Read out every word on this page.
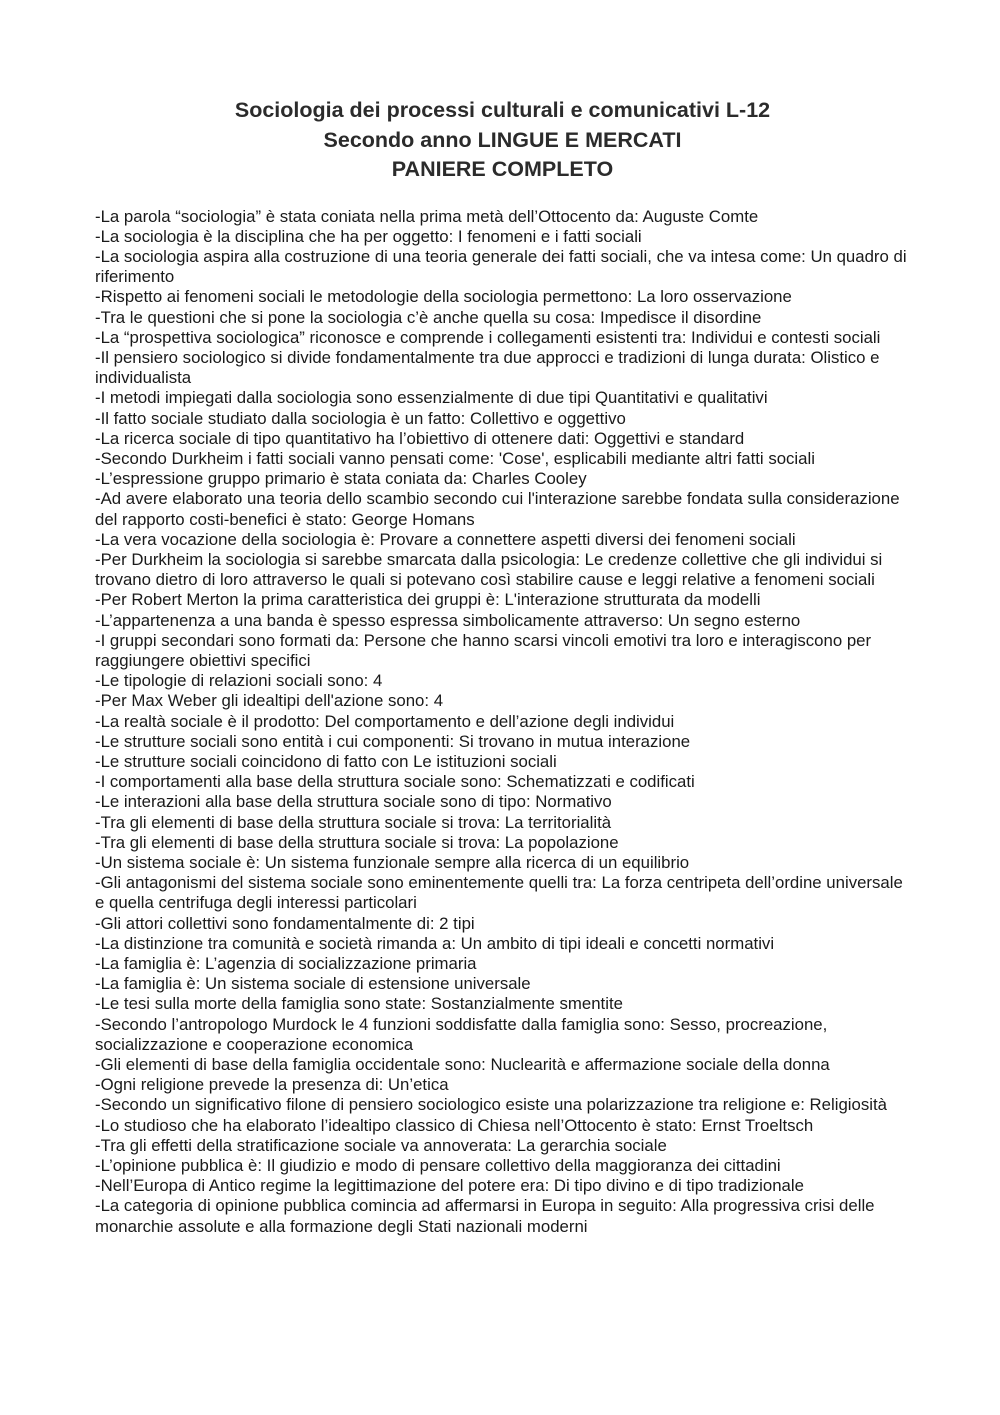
Sociologia dei processi culturali e comunicativi L-12
Secondo anno LINGUE E MERCATI
PANIERE COMPLETO
-La parola “sociologia” è stata coniata nella prima metà dell’Ottocento da: Auguste Comte
-La sociologia è la disciplina che ha per oggetto: I fenomeni e i fatti sociali
-La sociologia aspira alla costruzione di una teoria generale dei fatti sociali, che va intesa come: Un quadro di riferimento
-Rispetto ai fenomeni sociali le metodologie della sociologia permettono: La loro osservazione
-Tra le questioni che si pone la sociologia c’è anche quella su cosa: Impedisce il disordine
-La “prospettiva sociologica” riconosce e comprende i collegamenti esistenti tra: Individui e contesti sociali
-Il pensiero sociologico si divide fondamentalmente tra due approcci e tradizioni di lunga durata: Olistico e individualista
-I metodi impiegati dalla sociologia sono essenzialmente di due tipi Quantitativi e qualitativi
-Il fatto sociale studiato dalla sociologia è un fatto: Collettivo e oggettivo
-La ricerca sociale di tipo quantitativo ha l’obiettivo di ottenere dati: Oggettivi e standard
-Secondo Durkheim i fatti sociali vanno pensati come: 'Cose', esplicabili mediante altri fatti sociali
-L’espressione gruppo primario è stata coniata da: Charles Cooley
-Ad avere elaborato una teoria dello scambio secondo cui l'interazione sarebbe fondata sulla considerazione del rapporto costi-benefici è stato: George Homans
-La vera vocazione della sociologia è: Provare a connettere aspetti diversi dei fenomeni sociali
-Per Durkheim la sociologia si sarebbe smarcata dalla psicologia: Le credenze collettive che gli individui si trovano dietro di loro attraverso le quali si potevano così stabilire cause e leggi relative a fenomeni sociali
-Per Robert Merton la prima caratteristica dei gruppi è: L'interazione strutturata da modelli
-L’appartenenza a una banda è spesso espressa simbolicamente attraverso: Un segno esterno
-I gruppi secondari sono formati da: Persone che hanno scarsi vincoli emotivi tra loro e interagiscono per raggiungere obiettivi specifici
-Le tipologie di relazioni sociali sono: 4
-Per Max Weber gli idealtipi dell'azione sono: 4
-La realtà sociale è il prodotto: Del comportamento e dell’azione degli individui
-Le strutture sociali sono entità i cui componenti: Si trovano in mutua interazione
-Le strutture sociali coincidono di fatto con Le istituzioni sociali
-I comportamenti alla base della struttura sociale sono: Schematizzati e codificati
-Le interazioni alla base della struttura sociale sono di tipo: Normativo
-Tra gli elementi di base della struttura sociale si trova: La territorialità
-Tra gli elementi di base della struttura sociale si trova: La popolazione
-Un sistema sociale è: Un sistema funzionale sempre alla ricerca di un equilibrio
-Gli antagonismi del sistema sociale sono eminentemente quelli tra: La forza centripeta dell’ordine universale e quella centrifuga degli interessi particolari
-Gli attori collettivi sono fondamentalmente di: 2 tipi
-La distinzione tra comunità e società rimanda a: Un ambito di tipi ideali e concetti normativi
-La famiglia è: L’agenzia di socializzazione primaria
-La famiglia è: Un sistema sociale di estensione universale
-Le tesi sulla morte della famiglia sono state: Sostanzialmente smentite
-Secondo l’antropologo Murdock le 4 funzioni soddisfatte dalla famiglia sono: Sesso, procreazione, socializzazione e cooperazione economica
-Gli elementi di base della famiglia occidentale sono: Nuclearità e affermazione sociale della donna
-Ogni religione prevede la presenza di: Un’etica
-Secondo un significativo filone di pensiero sociologico esiste una polarizzazione tra religione e: Religiosità
-Lo studioso che ha elaborato l’idealtipo classico di Chiesa nell’Ottocento è stato: Ernst Troeltsch
-Tra gli effetti della stratificazione sociale va annoverata: La gerarchia sociale
-L’opinione pubblica è: Il giudizio e modo di pensare collettivo della maggioranza dei cittadini
-Nell’Europa di Antico regime la legittimazione del potere era: Di tipo divino e di tipo tradizionale
-La categoria di opinione pubblica comincia ad affermarsi in Europa in seguito: Alla progressiva crisi delle monarchie assolute e alla formazione degli Stati nazionali moderni
